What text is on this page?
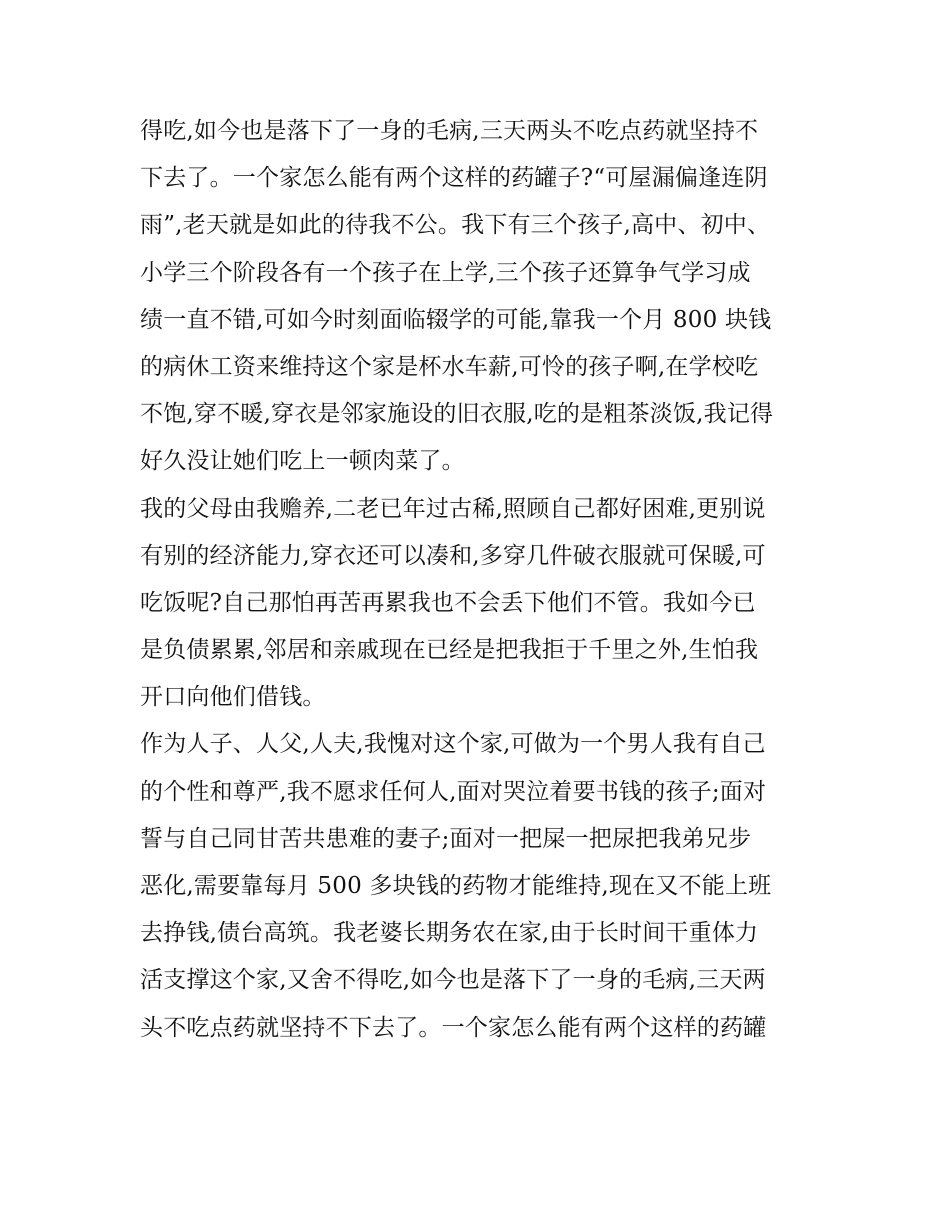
得吃,如今也是落下了一身的毛病,三天两头不吃点药就坚持不
下去了。一个家怎么能有两个这样的药罐子?“可屋漏偏逢连阴
雨”,老天就是如此的待我不公。我下有三个孩子,高中、初中、
小学三个阶段各有一个孩子在上学,三个孩子还算争气学习成
绩一直不错,可如今时刻面临辍学的可能,靠我一个月 800 块钱
的病休工资来维持这个家是杯水车薪,可怜的孩子啊,在学校吃
不饱,穿不暖,穿衣是邻家施设的旧衣服,吃的是粗茶淡饭,我记得
好久没让她们吃上一顿肉菜了。
我的父母由我赡养,二老已年过古稀,照顾自己都好困难,更别说
有别的经济能力,穿衣还可以凑和,多穿几件破衣服就可保暖,可
吃饭呢?自己那怕再苦再累我也不会丢下他们不管。我如今已
是负债累累,邻居和亲戚现在已经是把我拒于千里之外,生怕我
开口向他们借钱。
作为人子、人父,人夫,我愧对这个家,可做为一个男人我有自己
的个性和尊严,我不愿求任何人,面对哭泣着要书钱的孩子;面对
誓与自己同甘苦共患难的妻子;面对一把屎一把尿把我弟兄步
恶化,需要靠每月 500 多块钱的药物才能维持,现在又不能上班
去挣钱,债台高筑。我老婆长期务农在家,由于长时间干重体力
活支撑这个家,又舍不得吃,如今也是落下了一身的毛病,三天两
头不吃点药就坚持不下去了。一个家怎么能有两个这样的药罐
